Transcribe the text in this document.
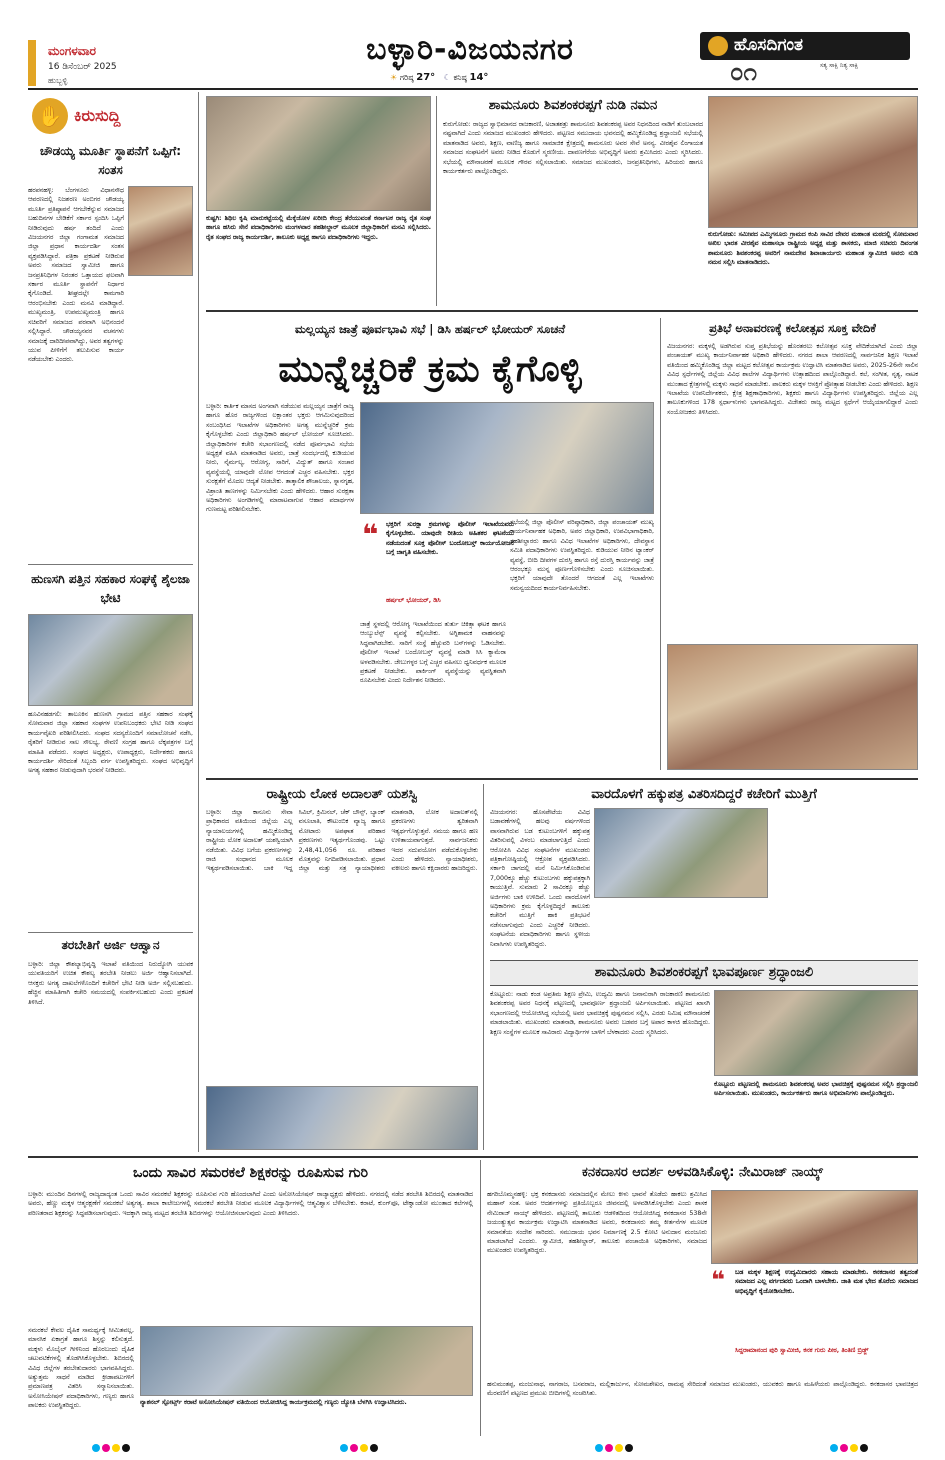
ಮಂಗಳವಾರ
16 ಡಿಸೆಂಬರ್ 2025
ಹುಬ್ಬಳ್ಳಿ
ಬಳ್ಳಾರಿ-ವಿಜಯನಗರ
☀ ಗರಿಷ್ಠ 27° ☾ ಕನಿಷ್ಠ 14°
ಹೊಸದಿಗಂತ
ಸತ್ಯ ಸಾಕ್ಷಿ ನಿತ್ಯ ಸಾಕ್ಷಿ
೦೧
✋ ಕಿರುಸುದ್ದಿ
ಚೌಡಯ್ಯ ಮೂರ್ತಿ ಸ್ಥಾಪನೆಗೆ ಒಪ್ಪಿಗೆ: ಸಂತಸ
ಹರಪನಹಳ್ಳಿ: ಬೆಂಗಳೂರು ವಿಧಾನಸೌಧ ಆವರಣದಲ್ಲಿ ನಿಜಶರಣ ಅಂಬಿಗರ ಚೌಡಯ್ಯ ಮೂರ್ತಿ ಪ್ರತಿಷ್ಠಾಪನೆ ಆಗಬೇಕೆನ್ನುವ ಸಮಾಜದ ಬಹುದಿನಗಳ ಬೇಡಿಕೆಗೆ ಸರ್ಕಾರ ಸ್ಪಂದಿಸಿ ಒಪ್ಪಿಗೆ ನೀಡಿರುವುದು ಹರ್ಷ ತಂದಿದೆ ಎಂದು ವಿಜಯನಗರ ಜಿಲ್ಲಾ ಗಂಗಾಮತ ಸಮಾಜದ ಜಿಲ್ಲಾ ಪ್ರಧಾನ ಕಾರ್ಯದರ್ಶಿ ಸಂತಸ ವ್ಯಕ್ತಪಡಿಸಿದ್ದಾರೆ. ಪತ್ರಿಕಾ ಪ್ರಕಟಣೆ ನೀಡಿರುವ ಅವರು ಸಮಾಜದ ಸ್ವಾಮೀಜಿ ಹಾಗೂ ಜನಪ್ರತಿನಿಧಿಗಳ ನಿರಂತರ ಒತ್ತಾಯದ ಫಲವಾಗಿ ಸರ್ಕಾರ ಮೂರ್ತಿ ಸ್ಥಾಪನೆಗೆ ನಿರ್ಧಾರ ಕೈಗೊಂಡಿದೆ. ಶೀಘ್ರದಲ್ಲೇ ಕಾಮಗಾರಿ ಆರಂಭಿಸಬೇಕು ಎಂದು ಮನವಿ ಮಾಡಿದ್ದಾರೆ. ಮುಖ್ಯಮಂತ್ರಿ, ಉಪಮುಖ್ಯಮಂತ್ರಿ ಹಾಗೂ ಸಚಿವರಿಗೆ ಸಮಾಜದ ಪರವಾಗಿ ಅಭಿನಂದನೆ ಸಲ್ಲಿಸಿದ್ದಾರೆ. ಚೌಡಯ್ಯನವರ ವಚನಗಳು ಸಮಾಜಕ್ಕೆ ದಾರಿದೀಪವಾಗಿದ್ದು, ಅವರ ತತ್ವಗಳನ್ನು ಯುವ ಪೀಳಿಗೆಗೆ ತಲುಪಿಸುವ ಕಾರ್ಯ ನಡೆಯಬೇಕು ಎಂದರು.
ಹುಣಸಗಿ ಪತ್ತಿನ ಸಹಕಾರ ಸಂಘಕ್ಕೆ ಶೈಲಜಾ ಭೇಟಿ
ಹೂವಿನಹಡಗಲಿ: ತಾಲೂಕಿನ ಹುಣಸಗಿ ಗ್ರಾಮದ ಪತ್ತಿನ ಸಹಕಾರ ಸಂಘಕ್ಕೆ ಸೋಮವಾರ ಜಿಲ್ಲಾ ಸಹಕಾರ ಸಂಘಗಳ ಉಪನಿಬಂಧಕರು ಭೇಟಿ ನೀಡಿ ಸಂಘದ ಕಾರ್ಯವೈಖರಿ ಪರಿಶೀಲಿಸಿದರು. ಸಂಘದ ಸದಸ್ಯರೊಂದಿಗೆ ಸಮಾಲೋಚನೆ ನಡೆಸಿ, ರೈತರಿಗೆ ನೀಡಿರುವ ಸಾಲ ಸೌಲಭ್ಯ, ಠೇವಣಿ ಸಂಗ್ರಹ ಹಾಗೂ ಲೆಕ್ಕಪತ್ರಗಳ ಬಗ್ಗೆ ಮಾಹಿತಿ ಪಡೆದರು. ಸಂಘದ ಅಧ್ಯಕ್ಷರು, ಉಪಾಧ್ಯಕ್ಷರು, ನಿರ್ದೇಶಕರು ಹಾಗೂ ಕಾರ್ಯದರ್ಶಿ ಸೇರಿದಂತೆ ಸಿಬ್ಬಂದಿ ವರ್ಗ ಉಪಸ್ಥಿತರಿದ್ದರು. ಸಂಘದ ಅಭಿವೃದ್ಧಿಗೆ ಅಗತ್ಯ ಸಹಕಾರ ನೀಡುವುದಾಗಿ ಭರವಸೆ ನೀಡಿದರು.
ತರಬೇತಿಗೆ ಅರ್ಜಿ ಆಹ್ವಾನ
ಬಳ್ಳಾರಿ: ಜಿಲ್ಲಾ ಕೌಶಲ್ಯಾಭಿವೃದ್ಧಿ ಇಲಾಖೆ ವತಿಯಿಂದ ನಿರುದ್ಯೋಗಿ ಯುವಕ ಯುವತಿಯರಿಗೆ ಉಚಿತ ಕೌಶಲ್ಯ ತರಬೇತಿ ನೀಡಲು ಅರ್ಜಿ ಆಹ್ವಾನಿಸಲಾಗಿದೆ. ಆಸಕ್ತರು ಅಗತ್ಯ ದಾಖಲೆಗಳೊಂದಿಗೆ ಕಚೇರಿಗೆ ಭೇಟಿ ನೀಡಿ ಅರ್ಜಿ ಸಲ್ಲಿಸಬಹುದು. ಹೆಚ್ಚಿನ ಮಾಹಿತಿಗಾಗಿ ಕಚೇರಿ ಸಮಯದಲ್ಲಿ ಸಂಪರ್ಕಿಸಬಹುದು ಎಂದು ಪ್ರಕಟಣೆ ತಿಳಿಸಿದೆ.
ಕುಷ್ಟಗಿ: ಶಿಥಿಲ ಕೃಷಿ ಮಾರುಕಟ್ಟೆಯಲ್ಲಿ ಮೆಕ್ಕೆಜೋಳ ಖರೀದಿ ಕೇಂದ್ರ ತೆರೆಯುವಂತೆ ಕರ್ನಾಟಕ ರಾಜ್ಯ ರೈತ ಸಂಘ ಹಾಗೂ ಹಸಿರು ಸೇನೆ ಪದಾಧಿಕಾರಿಗಳು ಮಂಗಳವಾರ ತಹಶೀಲ್ದಾರ್ ಮೂಲಕ ಜಿಲ್ಲಾಧಿಕಾರಿಗೆ ಮನವಿ ಸಲ್ಲಿಸಿದರು. ರೈತ ಸಂಘದ ರಾಜ್ಯ ಕಾರ್ಯದರ್ಶಿ, ತಾಲೂಕು ಅಧ್ಯಕ್ಷ ಹಾಗೂ ಪದಾಧಿಕಾರಿಗಳು ಇದ್ದರು.
ಶಾಮನೂರು ಶಿವಶಂಕರಪ್ಪಗೆ ನುಡಿ ನಮನ
ಕುರುಗೋಡು: ರಾಜ್ಯದ ಸ್ವಾಭಿಮಾನದ ರಾಜಕಾರಣಿ, ಅಜಾತಶತ್ರು ಶಾಮನೂರು ಶಿವಶಂಕರಪ್ಪ ಅವರ ನಿಧನದಿಂದ ನಾಡಿಗೆ ತುಂಬಲಾರದ ನಷ್ಟವಾಗಿದೆ ಎಂದು ಸಮಾಜದ ಮುಖಂಡರು ಹೇಳಿದರು. ಪಟ್ಟಣದ ಸಮುದಾಯ ಭವನದಲ್ಲಿ ಹಮ್ಮಿಕೊಂಡಿದ್ದ ಶ್ರದ್ಧಾಂಜಲಿ ಸಭೆಯಲ್ಲಿ ಮಾತನಾಡಿದ ಅವರು, ಶಿಕ್ಷಣ, ವಾಣಿಜ್ಯ ಹಾಗೂ ಸಾಮಾಜಿಕ ಕ್ಷೇತ್ರದಲ್ಲಿ ಶಾಮನೂರು ಅವರ ಸೇವೆ ಅನನ್ಯ. ವೀರಶೈವ ಲಿಂಗಾಯತ ಸಮಾಜದ ಸಂಘಟನೆಗೆ ಅವರು ನೀಡಿದ ಕೊಡುಗೆ ಸ್ಮರಣೀಯ. ದಾವಣಗೆರೆಯ ಅಭಿವೃದ್ಧಿಗೆ ಅವರು ಶ್ರಮಿಸಿದರು ಎಂದು ಸ್ಮರಿಸಿದರು. ಸಭೆಯಲ್ಲಿ ಮೌನಾಚರಣೆ ಮೂಲಕ ಗೌರವ ಸಲ್ಲಿಸಲಾಯಿತು. ಸಮಾಜದ ಮುಖಂಡರು, ಜನಪ್ರತಿನಿಧಿಗಳು, ಹಿರಿಯರು ಹಾಗೂ ಕಾರ್ಯಕರ್ತರು ಪಾಲ್ಗೊಂಡಿದ್ದರು.
ಕುರುಗೋಡು: ಸಮೀಪದ ಎಮ್ಮಿಗನೂರು ಗ್ರಾಮದ ಕಂಪಿ ಸಾವಿರ ದೇವರ ಮಹಾಂತ ಮಠದಲ್ಲಿ ಸೋಮವಾರ ಅಖಿಲ ಭಾರತ ವೀರಶೈವ ಮಹಾಸಭಾ ರಾಷ್ಟ್ರೀಯ ಅಧ್ಯಕ್ಷ ಮತ್ತು ಶಾಸಕರು, ಮಾಜಿ ಸಚಿವರು ದಿವಂಗತ ಶಾಮನೂರು ಶಿವಶಂಕರಪ್ಪ ಅವರಿಗೆ ನಾಮದೇವ ಶಿವಾಚಾರ್ಯರು ಮಹಾಂತ ಸ್ವಾಮೀಜಿ ಅವರು ನುಡಿ ನಮನ ಸಲ್ಲಿಸಿ ಮಾತನಾಡಿದರು.
ಮಲ್ಲಯ್ಯನ ಜಾತ್ರೆ ಪೂರ್ವಭಾವಿ ಸಭೆ | ಡಿಸಿ ಹರ್ಷಲ್ ಭೋಯರ್ ಸೂಚನೆ
ಮುನ್ನೆಚ್ಚರಿಕೆ ಕ್ರಮ ಕೈಗೊಳ್ಳಿ
ಬಳ್ಳಾರಿ: ಕಾರ್ತಿಕ ಮಾಸದ ಅಂಗವಾಗಿ ನಡೆಯುವ ಮಲ್ಲಯ್ಯನ ಜಾತ್ರೆಗೆ ರಾಜ್ಯ ಹಾಗೂ ಹೊರ ರಾಜ್ಯಗಳಿಂದ ಲಕ್ಷಾಂತರ ಭಕ್ತರು ಆಗಮಿಸುವುದರಿಂದ ಸಂಬಂಧಿಸಿದ ಇಲಾಖೆಗಳ ಅಧಿಕಾರಿಗಳು ಅಗತ್ಯ ಮುನ್ನೆಚ್ಚರಿಕೆ ಕ್ರಮ ಕೈಗೊಳ್ಳಬೇಕು ಎಂದು ಜಿಲ್ಲಾಧಿಕಾರಿ ಹರ್ಷಲ್ ಭೋಯರ್ ಸೂಚಿಸಿದರು. ಜಿಲ್ಲಾಧಿಕಾರಿಗಳ ಕಚೇರಿ ಸಭಾಂಗಣದಲ್ಲಿ ನಡೆದ ಪೂರ್ವಭಾವಿ ಸಭೆಯ ಅಧ್ಯಕ್ಷತೆ ವಹಿಸಿ ಮಾತನಾಡಿದ ಅವರು, ಜಾತ್ರೆ ಸಂದರ್ಭದಲ್ಲಿ ಕುಡಿಯುವ ನೀರು, ನೈರ್ಮಲ್ಯ, ಆರೋಗ್ಯ, ಸಾರಿಗೆ, ವಿದ್ಯುತ್ ಹಾಗೂ ಸಂಚಾರ ವ್ಯವಸ್ಥೆಯಲ್ಲಿ ಯಾವುದೇ ಲೋಪ ಆಗದಂತೆ ಎಚ್ಚರ ವಹಿಸಬೇಕು. ಭಕ್ತರ ಸುರಕ್ಷತೆಗೆ ಮೊದಲ ಆದ್ಯತೆ ನೀಡಬೇಕು. ತಾತ್ಕಾಲಿಕ ಶೌಚಾಲಯ, ಸ್ನಾನಗೃಹ, ವಿಶ್ರಾಂತಿ ತಾಣಗಳನ್ನು ನಿರ್ಮಿಸಬೇಕು ಎಂದು ಹೇಳಿದರು. ಆಹಾರ ಸುರಕ್ಷತಾ ಅಧಿಕಾರಿಗಳು ಅಂಗಡಿಗಳಲ್ಲಿ ಮಾರಾಟವಾಗುವ ಆಹಾರ ಪದಾರ್ಥಗಳ ಗುಣಮಟ್ಟ ಪರಿಶೀಲಿಸಬೇಕು.
❝ ಭಕ್ತರಿಗೆ ಸುರಕ್ಷಾ ಕ್ರಮಗಳನ್ನು ಪೊಲೀಸ್ ಇಲಾಖೆಯವರು ಕೈಗೊಳ್ಳಬೇಕು. ಯಾವುದೇ ರೀತಿಯ ಅಹಿತಕರ ಘಟನೆಯು ನಡೆಯದಂತೆ ಸೂಕ್ತ ಪೊಲೀಸ್ ಬಂದೋಬಸ್ತ್ ಕಾರ್ಯಯೋಜನೆ ಬಗ್ಗೆ ಜಾಗೃತಿ ವಹಿಸಬೇಕು.
ಹರ್ಷಲ್ ಭೋಯರ್, ಡಿಸಿ
ಜಾತ್ರೆ ಸ್ಥಳದಲ್ಲಿ ಆರೋಗ್ಯ ಇಲಾಖೆಯಿಂದ ತುರ್ತು ಚಿಕಿತ್ಸಾ ಘಟಕ ಹಾಗೂ ಆಂಬ್ಯುಲೆನ್ಸ್ ವ್ಯವಸ್ಥೆ ಕಲ್ಪಿಸಬೇಕು. ಅಗ್ನಿಶಾಮಕ ವಾಹನವನ್ನು ಸಿದ್ಧವಾಗಿಡಬೇಕು. ಸಾರಿಗೆ ಸಂಸ್ಥೆ ಹೆಚ್ಚುವರಿ ಬಸ್‌ಗಳನ್ನು ಓಡಿಸಬೇಕು. ಪೊಲೀಸ್ ಇಲಾಖೆ ಬಂದೋಬಸ್ತ್ ವ್ಯವಸ್ಥೆ ಮಾಡಿ ಸಿಸಿ ಕ್ಯಾಮೆರಾ ಅಳವಡಿಸಬೇಕು. ಜೇಬುಗಳ್ಳರ ಬಗ್ಗೆ ಎಚ್ಚರ ವಹಿಸಲು ಧ್ವನಿವರ್ಧಕ ಮೂಲಕ ಪ್ರಕಟಣೆ ನೀಡಬೇಕು. ಪಾರ್ಕಿಂಗ್ ವ್ಯವಸ್ಥೆಯನ್ನು ವ್ಯವಸ್ಥಿತವಾಗಿ ರೂಪಿಸಬೇಕು ಎಂದು ನಿರ್ದೇಶನ ನೀಡಿದರು.
ಸಭೆಯಲ್ಲಿ ಜಿಲ್ಲಾ ಪೊಲೀಸ್ ವರಿಷ್ಠಾಧಿಕಾರಿ, ಜಿಲ್ಲಾ ಪಂಚಾಯತ್ ಮುಖ್ಯ ಕಾರ್ಯನಿರ್ವಾಹಕ ಅಧಿಕಾರಿ, ಅಪರ ಜಿಲ್ಲಾಧಿಕಾರಿ, ಉಪವಿಭಾಗಾಧಿಕಾರಿ, ತಹಶೀಲ್ದಾರರು ಹಾಗೂ ವಿವಿಧ ಇಲಾಖೆಗಳ ಅಧಿಕಾರಿಗಳು, ದೇವಸ್ಥಾನ ಸಮಿತಿ ಪದಾಧಿಕಾರಿಗಳು ಉಪಸ್ಥಿತರಿದ್ದರು. ಕುಡಿಯುವ ನೀರಿನ ಟ್ಯಾಂಕರ್ ವ್ಯವಸ್ಥೆ, ಬೀದಿ ದೀಪಗಳ ದುರಸ್ತಿ ಹಾಗೂ ರಸ್ತೆ ದುರಸ್ತಿ ಕಾರ್ಯವನ್ನು ಜಾತ್ರೆ ಆರಂಭಕ್ಕೂ ಮುನ್ನ ಪೂರ್ಣಗೊಳಿಸಬೇಕು ಎಂದು ಸೂಚಿಸಲಾಯಿತು. ಭಕ್ತರಿಗೆ ಯಾವುದೇ ತೊಂದರೆ ಆಗದಂತೆ ಎಲ್ಲ ಇಲಾಖೆಗಳು ಸಮನ್ವಯದಿಂದ ಕಾರ್ಯನಿರ್ವಹಿಸಬೇಕು.
ಪ್ರತಿಭೆ ಅನಾವರಣಕ್ಕೆ ಕಲೋತ್ಸವ ಸೂಕ್ತ ವೇದಿಕೆ
ವಿಜಯನಗರ: ಮಕ್ಕಳಲ್ಲಿ ಅಡಗಿರುವ ಸುಪ್ತ ಪ್ರತಿಭೆಯನ್ನು ಹೊರತರಲು ಕಲೋತ್ಸವ ಸೂಕ್ತ ವೇದಿಕೆಯಾಗಿದೆ ಎಂದು ಜಿಲ್ಲಾ ಪಂಚಾಯತ್ ಮುಖ್ಯ ಕಾರ್ಯನಿರ್ವಾಹಕ ಅಧಿಕಾರಿ ಹೇಳಿದರು. ನಗರದ ಶಾಲಾ ಆವರಣದಲ್ಲಿ ಸಾರ್ವಜನಿಕ ಶಿಕ್ಷಣ ಇಲಾಖೆ ವತಿಯಿಂದ ಹಮ್ಮಿಕೊಂಡಿದ್ದ ಜಿಲ್ಲಾ ಮಟ್ಟದ ಕಲೋತ್ಸವ ಕಾರ್ಯಕ್ರಮ ಉದ್ಘಾಟಿಸಿ ಮಾತನಾಡಿದ ಅವರು, 2025-26ನೇ ಸಾಲಿನ ವಿವಿಧ ಸ್ಪರ್ಧೆಗಳಲ್ಲಿ ಜಿಲ್ಲೆಯ ವಿವಿಧ ಶಾಲೆಗಳ ವಿದ್ಯಾರ್ಥಿಗಳು ಉತ್ಸಾಹದಿಂದ ಪಾಲ್ಗೊಂಡಿದ್ದಾರೆ. ಕಲೆ, ಸಂಗೀತ, ನೃತ್ಯ, ನಾಟಕ ಮುಂತಾದ ಕ್ಷೇತ್ರಗಳಲ್ಲಿ ಮಕ್ಕಳು ಸಾಧನೆ ಮಾಡಬೇಕು. ಪಾಲಕರು ಮಕ್ಕಳ ಆಸಕ್ತಿಗೆ ಪ್ರೋತ್ಸಾಹ ನೀಡಬೇಕು ಎಂದು ಹೇಳಿದರು. ಶಿಕ್ಷಣ ಇಲಾಖೆಯ ಉಪನಿರ್ದೇಶಕರು, ಕ್ಷೇತ್ರ ಶಿಕ್ಷಣಾಧಿಕಾರಿಗಳು, ಶಿಕ್ಷಕರು ಹಾಗೂ ವಿದ್ಯಾರ್ಥಿಗಳು ಉಪಸ್ಥಿತರಿದ್ದರು. ಜಿಲ್ಲೆಯ ಎಲ್ಲ ತಾಲೂಕುಗಳಿಂದ 178 ಸ್ಪರ್ಧಾಳುಗಳು ಭಾಗವಹಿಸಿದ್ದರು. ವಿಜೇತರು ರಾಜ್ಯ ಮಟ್ಟದ ಸ್ಪರ್ಧೆಗೆ ಆಯ್ಕೆಯಾಗಲಿದ್ದಾರೆ ಎಂದು ಸಂಯೋಜಕರು ತಿಳಿಸಿದರು.
ರಾಷ್ಟ್ರೀಯ ಲೋಕ ಅದಾಲತ್ ಯಶಸ್ವಿ
ಬಳ್ಳಾರಿ: ಜಿಲ್ಲಾ ಕಾನೂನು ಸೇವಾ ಪ್ರಾಧಿಕಾರದ ವತಿಯಿಂದ ಜಿಲ್ಲೆಯ ಎಲ್ಲ ನ್ಯಾಯಾಲಯಗಳಲ್ಲಿ ಹಮ್ಮಿಕೊಂಡಿದ್ದ ರಾಷ್ಟ್ರೀಯ ಲೋಕ ಅದಾಲತ್ ಯಶಸ್ವಿಯಾಗಿ ನಡೆಯಿತು. ವಿವಿಧ ಬಗೆಯ ಪ್ರಕರಣಗಳನ್ನು ರಾಜಿ ಸಂಧಾನದ ಮೂಲಕ ಇತ್ಯರ್ಥಪಡಿಸಲಾಯಿತು. ಬಾಕಿ ಇದ್ದ ಸಿವಿಲ್, ಕ್ರಿಮಿನಲ್, ಚೆಕ್ ಬೌನ್ಸ್, ಬ್ಯಾಂಕ್ ವಸೂಲಾತಿ, ಕೌಟುಂಬಿಕ ವ್ಯಾಜ್ಯ ಹಾಗೂ ಮೋಟಾರು ಅಪಘಾತ ಪರಿಹಾರ ಪ್ರಕರಣಗಳು ಇತ್ಯರ್ಥಗೊಂಡವು. ಒಟ್ಟು 2,48,41,056 ರೂ. ಪರಿಹಾರ ಮೊತ್ತವನ್ನು ನಿಗದಿಪಡಿಸಲಾಯಿತು. ಪ್ರಧಾನ ಜಿಲ್ಲಾ ಮತ್ತು ಸತ್ರ ನ್ಯಾಯಾಧೀಶರು ಮಾತನಾಡಿ, ಲೋಕ ಅದಾಲತ್‌ನಲ್ಲಿ ಪ್ರಕರಣಗಳು ತ್ವರಿತವಾಗಿ ಇತ್ಯರ್ಥಗೊಳ್ಳುತ್ತವೆ. ಸಮಯ ಹಾಗೂ ಹಣ ಉಳಿತಾಯವಾಗುತ್ತದೆ. ಸಾರ್ವಜನಿಕರು ಇದರ ಸದುಪಯೋಗ ಪಡೆದುಕೊಳ್ಳಬೇಕು ಎಂದು ಹೇಳಿದರು. ನ್ಯಾಯಾಧೀಶರು, ವಕೀಲರು ಹಾಗೂ ಕಕ್ಷಿದಾರರು ಹಾಜರಿದ್ದರು.
ವಾರದೊಳಗೆ ಹಕ್ಕುಪತ್ರ ವಿತರಿಸದಿದ್ದರೆ ಕಚೇರಿಗೆ ಮುತ್ತಿಗೆ
ವಿಜಯನಗರ: ಹೊಸಪೇಟೆಯ ವಿವಿಧ ಬಡಾವಣೆಗಳಲ್ಲಿ ಹಲವು ವರ್ಷಗಳಿಂದ ವಾಸವಾಗಿರುವ ಬಡ ಕುಟುಂಬಗಳಿಗೆ ಹಕ್ಕುಪತ್ರ ವಿತರಿಸುವಲ್ಲಿ ವಿಳಂಬ ಮಾಡಲಾಗುತ್ತಿದೆ ಎಂದು ಆರೋಪಿಸಿ ವಿವಿಧ ಸಂಘಟನೆಗಳ ಮುಖಂಡರು ಪತ್ರಿಕಾಗೋಷ್ಠಿಯಲ್ಲಿ ಆಕ್ರೋಶ ವ್ಯಕ್ತಪಡಿಸಿದರು. ಸರ್ಕಾರಿ ಜಾಗದಲ್ಲಿ ಮನೆ ನಿರ್ಮಿಸಿಕೊಂಡಿರುವ 7,000ಕ್ಕೂ ಹೆಚ್ಚು ಕುಟುಂಬಗಳು ಹಕ್ಕುಪತ್ರಕ್ಕಾಗಿ ಕಾಯುತ್ತಿವೆ. ಸುಮಾರು 2 ಸಾವಿರಕ್ಕೂ ಹೆಚ್ಚು ಅರ್ಜಿಗಳು ಬಾಕಿ ಉಳಿದಿವೆ. ಒಂದು ವಾರದೊಳಗೆ ಅಧಿಕಾರಿಗಳು ಕ್ರಮ ಕೈಗೊಳ್ಳದಿದ್ದರೆ ತಾಲೂಕು ಕಚೇರಿಗೆ ಮುತ್ತಿಗೆ ಹಾಕಿ ಪ್ರತಿಭಟನೆ ನಡೆಸಲಾಗುವುದು ಎಂದು ಎಚ್ಚರಿಕೆ ನೀಡಿದರು. ಸಂಘಟನೆಯ ಪದಾಧಿಕಾರಿಗಳು ಹಾಗೂ ಸ್ಥಳೀಯ ನಿವಾಸಿಗಳು ಉಪಸ್ಥಿತರಿದ್ದರು.
ಶಾಮನೂರು ಶಿವಶಂಕರಪ್ಪಗೆ ಭಾವಪೂರ್ಣ ಶ್ರದ್ಧಾಂಜಲಿ
ಕೊಟ್ಟೂರು: ನಾಡು ಕಂಡ ಅಪ್ರತಿಮ ಶಿಕ್ಷಣ ಪ್ರೇಮಿ, ಉದ್ಯಮಿ ಹಾಗೂ ಜನಾನುರಾಗಿ ರಾಜಕಾರಣಿ ಶಾಮನೂರು ಶಿವಶಂಕರಪ್ಪ ಅವರ ನಿಧನಕ್ಕೆ ಪಟ್ಟಣದಲ್ಲಿ ಭಾವಪೂರ್ಣ ಶ್ರದ್ಧಾಂಜಲಿ ಅರ್ಪಿಸಲಾಯಿತು. ಪಟ್ಟಣದ ಖಾಸಗಿ ಸಭಾಂಗಣದಲ್ಲಿ ಆಯೋಜಿಸಿದ್ದ ಸಭೆಯಲ್ಲಿ ಅವರ ಭಾವಚಿತ್ರಕ್ಕೆ ಪುಷ್ಪನಮನ ಸಲ್ಲಿಸಿ, ಎರಡು ನಿಮಿಷ ಮೌನಾಚರಣೆ ಮಾಡಲಾಯಿತು. ಮುಖಂಡರು ಮಾತನಾಡಿ, ಶಾಮನೂರು ಅವರು ಬಡವರ ಬಗ್ಗೆ ಅಪಾರ ಕಾಳಜಿ ಹೊಂದಿದ್ದರು. ಶಿಕ್ಷಣ ಸಂಸ್ಥೆಗಳ ಮೂಲಕ ಸಾವಿರಾರು ವಿದ್ಯಾರ್ಥಿಗಳ ಬಾಳಿಗೆ ಬೆಳಕಾದರು ಎಂದು ಸ್ಮರಿಸಿದರು.
ಕೊಟ್ಟೂರು ಪಟ್ಟಣದಲ್ಲಿ ಶಾಮನೂರು ಶಿವಶಂಕರಪ್ಪ ಅವರ ಭಾವಚಿತ್ರಕ್ಕೆ ಪುಷ್ಪನಮನ ಸಲ್ಲಿಸಿ ಶ್ರದ್ಧಾಂಜಲಿ ಅರ್ಪಿಸಲಾಯಿತು. ಮುಖಂಡರು, ಕಾರ್ಯಕರ್ತರು ಹಾಗೂ ಅಭಿಮಾನಿಗಳು ಪಾಲ್ಗೊಂಡಿದ್ದರು.
ಒಂದು ಸಾವಿರ ಸಮರಕಲೆ ಶಿಕ್ಷಕರನ್ನು ರೂಪಿಸುವ ಗುರಿ
ಬಳ್ಳಾರಿ: ಮುಂದಿನ ದಿನಗಳಲ್ಲಿ ರಾಜ್ಯದಾದ್ಯಂತ ಒಂದು ಸಾವಿರ ಸಮರಕಲೆ ಶಿಕ್ಷಕರನ್ನು ರೂಪಿಸುವ ಗುರಿ ಹೊಂದಲಾಗಿದೆ ಎಂದು ಅಸೋಸಿಯೇಷನ್ ರಾಜ್ಯಾಧ್ಯಕ್ಷರು ಹೇಳಿದರು. ನಗರದಲ್ಲಿ ನಡೆದ ತರಬೇತಿ ಶಿಬಿರದಲ್ಲಿ ಮಾತನಾಡಿದ ಅವರು, ಹೆಣ್ಣು ಮಕ್ಕಳ ಆತ್ಮರಕ್ಷಣೆಗೆ ಸಮರಕಲೆ ಅತ್ಯಗತ್ಯ. ಶಾಲಾ ಕಾಲೇಜುಗಳಲ್ಲಿ ಸಮರಕಲೆ ತರಬೇತಿ ನೀಡುವ ಮೂಲಕ ವಿದ್ಯಾರ್ಥಿಗಳಲ್ಲಿ ಆತ್ಮವಿಶ್ವಾಸ ಬೆಳೆಸಬೇಕು. ಕರಾಟೆ, ಕುಂಗ್‌ಫೂ, ಟೇಕ್ವಾಂಡೋ ಮುಂತಾದ ಕಲೆಗಳಲ್ಲಿ ಪರಿಣತರಾದ ಶಿಕ್ಷಕರನ್ನು ಸಿದ್ಧಪಡಿಸಲಾಗುವುದು. ಇದಕ್ಕಾಗಿ ರಾಜ್ಯ ಮಟ್ಟದ ತರಬೇತಿ ಶಿಬಿರಗಳನ್ನು ಆಯೋಜಿಸಲಾಗುವುದು ಎಂದು ತಿಳಿಸಿದರು.
ಸಮರಕಲೆ ಕೇವಲ ದೈಹಿಕ ಸಾಮರ್ಥ್ಯಕ್ಕೆ ಸೀಮಿತವಲ್ಲ, ಮಾನಸಿಕ ಏಕಾಗ್ರತೆ ಹಾಗೂ ಶಿಸ್ತನ್ನು ಕಲಿಸುತ್ತದೆ. ಮಕ್ಕಳು ಮೊಬೈಲ್ ಗೀಳಿನಿಂದ ಹೊರಬಂದು ದೈಹಿಕ ಚಟುವಟಿಕೆಗಳಲ್ಲಿ ತೊಡಗಿಸಿಕೊಳ್ಳಬೇಕು. ಶಿಬಿರದಲ್ಲಿ ವಿವಿಧ ಜಿಲ್ಲೆಗಳ ತರಬೇತುದಾರರು ಭಾಗವಹಿಸಿದ್ದರು. ಅತ್ಯುತ್ತಮ ಸಾಧನೆ ಮಾಡಿದ ಕ್ರೀಡಾಪಟುಗಳಿಗೆ ಪ್ರಮಾಣಪತ್ರ ವಿತರಿಸಿ ಸನ್ಮಾನಿಸಲಾಯಿತು. ಅಸೋಸಿಯೇಷನ್ ಪದಾಧಿಕಾರಿಗಳು, ಗಣ್ಯರು ಹಾಗೂ ಪಾಲಕರು ಉಪಸ್ಥಿತರಿದ್ದರು.	ನ್ಯಾಶನಲ್ ಸ್ಪೋರ್ಟ್ಸ್ ಕರಾಟೆ ಅಸೋಸಿಯೇಷನ್ ವತಿಯಿಂದ ಆಯೋಜಿಸಿದ್ದ ಕಾರ್ಯಕ್ರಮದಲ್ಲಿ ಗಣ್ಯರು ಜ್ಯೋತಿ ಬೆಳಗಿಸಿ ಉದ್ಘಾಟಿಸಿದರು.
ಕನಕದಾಸರ ಆದರ್ಶ ಅಳವಡಿಸಿಕೊಳ್ಳಿ: ನೇಮಿರಾಜ್ ನಾಯ್ಕ್
ಹಗರಿಬೊಮ್ಮನಹಳ್ಳಿ: ಭಕ್ತ ಕನಕದಾಸರು ಸಮಾಜದಲ್ಲಿನ ಮೇಲು ಕೀಳು ಭಾವನೆ ತೊಡೆದು ಹಾಕಲು ಶ್ರಮಿಸಿದ ಮಹಾನ್ ಸಂತ. ಅವರ ಆದರ್ಶಗಳನ್ನು ಪ್ರತಿಯೊಬ್ಬರೂ ಜೀವನದಲ್ಲಿ ಅಳವಡಿಸಿಕೊಳ್ಳಬೇಕು ಎಂದು ಶಾಸಕ ನೇಮಿರಾಜ್ ನಾಯ್ಕ್ ಹೇಳಿದರು. ಪಟ್ಟಣದಲ್ಲಿ ತಾಲೂಕು ಆಡಳಿತದಿಂದ ಆಯೋಜಿಸಿದ್ದ ಕನಕದಾಸರ 538ನೇ ಜಯಂತ್ಯುತ್ಸವ ಕಾರ್ಯಕ್ರಮ ಉದ್ಘಾಟಿಸಿ ಮಾತನಾಡಿದ ಅವರು, ಕನಕದಾಸರು ತಮ್ಮ ಕೀರ್ತನೆಗಳ ಮೂಲಕ ಸಮಾನತೆಯ ಸಂದೇಶ ಸಾರಿದರು. ಸಮುದಾಯ ಭವನ ನಿರ್ಮಾಣಕ್ಕೆ 2.5 ಕೋಟಿ ಅನುದಾನ ಮಂಜೂರು ಮಾಡಲಾಗಿದೆ ಎಂದರು. ಸ್ವಾಮೀಜಿ, ತಹಶೀಲ್ದಾರ್, ತಾಲೂಕು ಪಂಚಾಯಿತಿ ಅಧಿಕಾರಿಗಳು, ಸಮಾಜದ ಮುಖಂಡರು ಉಪಸ್ಥಿತರಿದ್ದರು.
❝ ಬಡ ಮಕ್ಕಳ ಶಿಕ್ಷಣಕ್ಕೆ ಉದ್ಯಮಿದಾರರು ಸಹಾಯ ಮಾಡಬೇಕು. ಕನಕದಾಸರ ತತ್ವದಂತೆ ಸಮಾಜದ ಎಲ್ಲ ವರ್ಗದವರು ಒಂದಾಗಿ ಬಾಳಬೇಕು. ಜಾತಿ ಮತ ಭೇದ ತೊರೆದು ಸಮಾಜದ ಅಭಿವೃದ್ಧಿಗೆ ಕೈಜೋಡಿಸಬೇಕು.
ಸಿದ್ದರಾಮಾನಂದ ಪುರಿ ಸ್ವಾಮೀಜಿ, ಕನಕ ಗುರು ಪೀಠ, ತಿಂತಿಣಿ ಬ್ರಿಡ್ಜ್
ಹನುಮಂತಪ್ಪ, ಮಂಜುನಾಥ, ನಾಗರಾಜ, ಬಸವರಾಜ, ಮಲ್ಲಿಕಾರ್ಜುನ, ಸೋಮಶೇಖರ, ರಾಮಪ್ಪ ಸೇರಿದಂತೆ ಸಮಾಜದ ಮುಖಂಡರು, ಯುವಕರು ಹಾಗೂ ಮಹಿಳೆಯರು ಪಾಲ್ಗೊಂಡಿದ್ದರು. ಕನಕದಾಸರ ಭಾವಚಿತ್ರದ ಮೆರವಣಿಗೆ ಪಟ್ಟಣದ ಪ್ರಮುಖ ಬೀದಿಗಳಲ್ಲಿ ಸಂಚರಿಸಿತು.
